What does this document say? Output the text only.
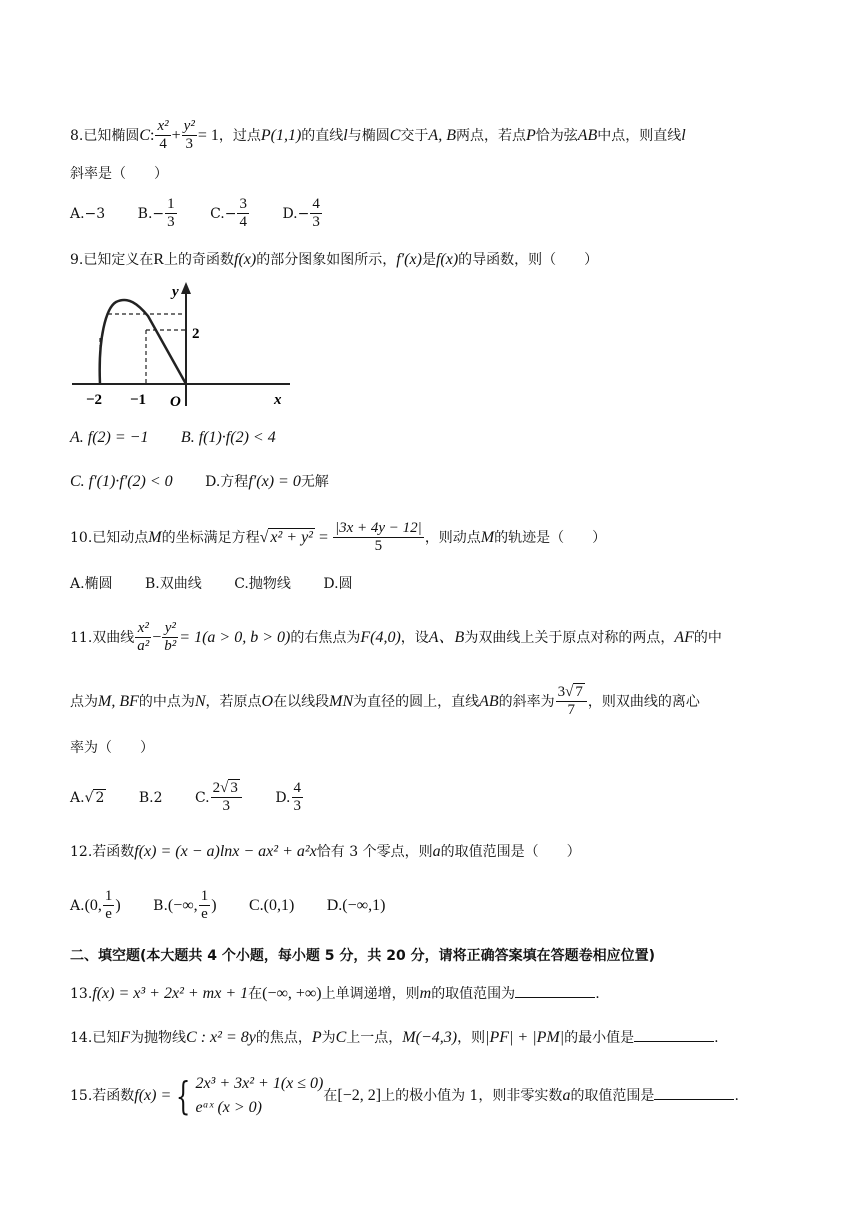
8.已知椭圆C: $\frac{\text{x²}}{4} + \frac{\text{y²}}{3} = 1$，过点P(1,1)的直线l与椭圆C交于A, B两点，若点P恰为弦AB中点，则直线l
斜率是（　　）
A.−3 $B.- \frac{1}{3} C.- \frac{3}{4} D.- \frac{4}{3}$
9.已知定义在R上的奇函数f(x)的部分图象如图所示，f′(x)是f(x)的导函数，则（　　）
y
x
2
−2 −1 O
A. f(2) = −1 B. f(1)·f(2) < 4
C. f′(1)·f′(2) < 0 D.方程f′(x) = 0无解
10.已知动点M的坐标满足方程√ $x^2 + y^2 = \frac{|3x + 4y - 12|}{5}$ ，则动点M的轨迹是（　　）
A.椭圆 B.双曲线 C.抛物线 D.圆
11.双曲线 $\frac{\text{x²}}{\text{a²}} - \frac{\text{y²}}{\text{b²}} = 1(a > 0$, b > 0)的右焦点为F(4,0)，设A、B为双曲线上关于原点对称的两点，AF的中
点为M, BF的中点为N，若原点O在以线段MN为直径的圆上，直线AB的斜率为 $\frac{3√ 7}{7}$ ，则双曲线的离心
率为（　　）
A.√ 2 B.2 C. $\frac{2√ 3}{3} D$. $\frac{4}{3}$
12.若函数f(x) = (x − a)lnx − ax² + a²x恰有 3 个零点，则a的取值范围是（　　）
A.(0, $\frac{1}{e}$ ) B.(−∞, $\frac{1}{e}$ ) C.(0,1) D.(−∞,1)
二、填空题(本大题共 4 个小题，每小题 5 分，共 20 分，请将正确答案填在答题卷相应位置)
13.f(x) = x³ + 2x² + mx + 1在(−∞, +∞)上单调递增，则m的取值范围为	.
14.已知F为抛物线C : x² = 8y的焦点，P为C上一点，M(−4,3)，则|PF| + |PM|的最小值是	.
15.若函数f(x) = { 2x³ + 3x² + 1(x ≤ 0)
eᵃˣ (x > 0)
在[−2, 2]上的极小值为 1，则非零实数a的取值范围是	.
